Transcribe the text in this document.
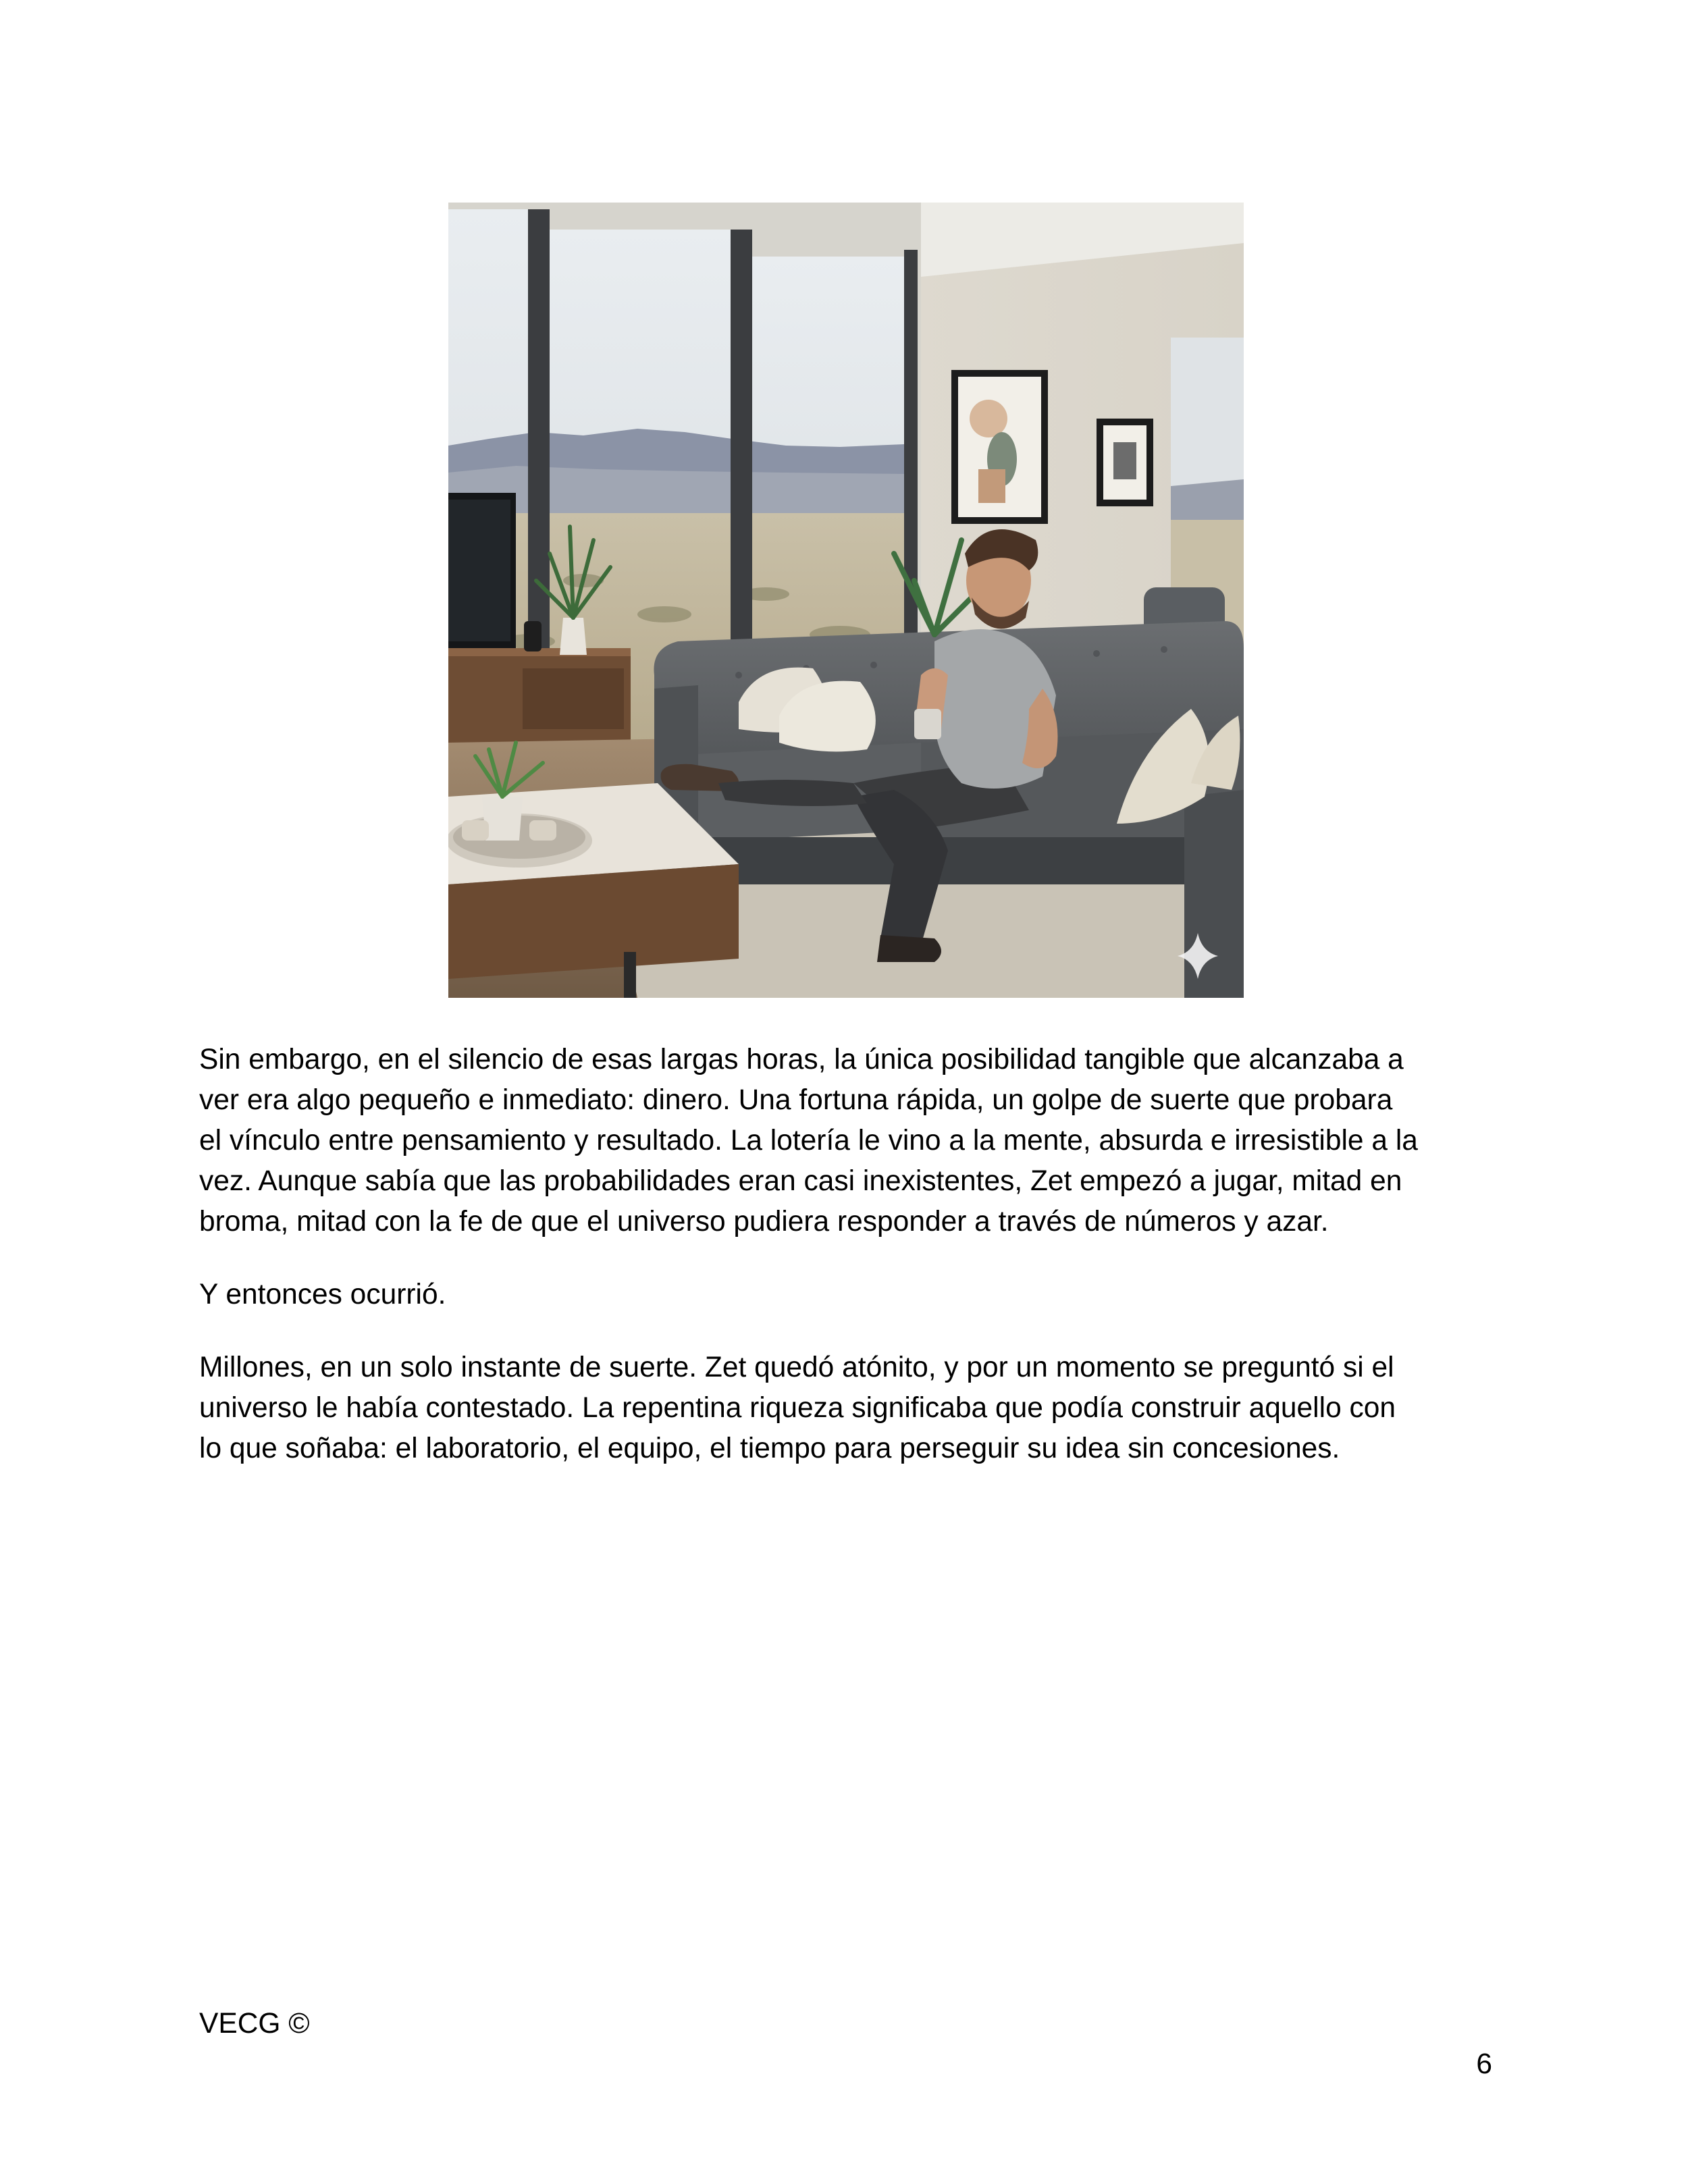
Sin embargo, en el silencio de esas largas horas, la única posibilidad tangible que alcanzaba a
ver era algo pequeño e inmediato: dinero. Una fortuna rápida, un golpe de suerte que probara
el vínculo entre pensamiento y resultado. La lotería le vino a la mente, absurda e irresistible a la
vez. Aunque sabía que las probabilidades eran casi inexistentes, Zet empezó a jugar, mitad en
broma, mitad con la fe de que el universo pudiera responder a través de números y azar.

Y entonces ocurrió.

Millones, en un solo instante de suerte. Zet quedó atónito, y por un momento se preguntó si el
universo le había contestado. La repentina riqueza significaba que podía construir aquello con
lo que soñaba: el laboratorio, el equipo, el tiempo para perseguir su idea sin concesiones.

VECG ©
6
